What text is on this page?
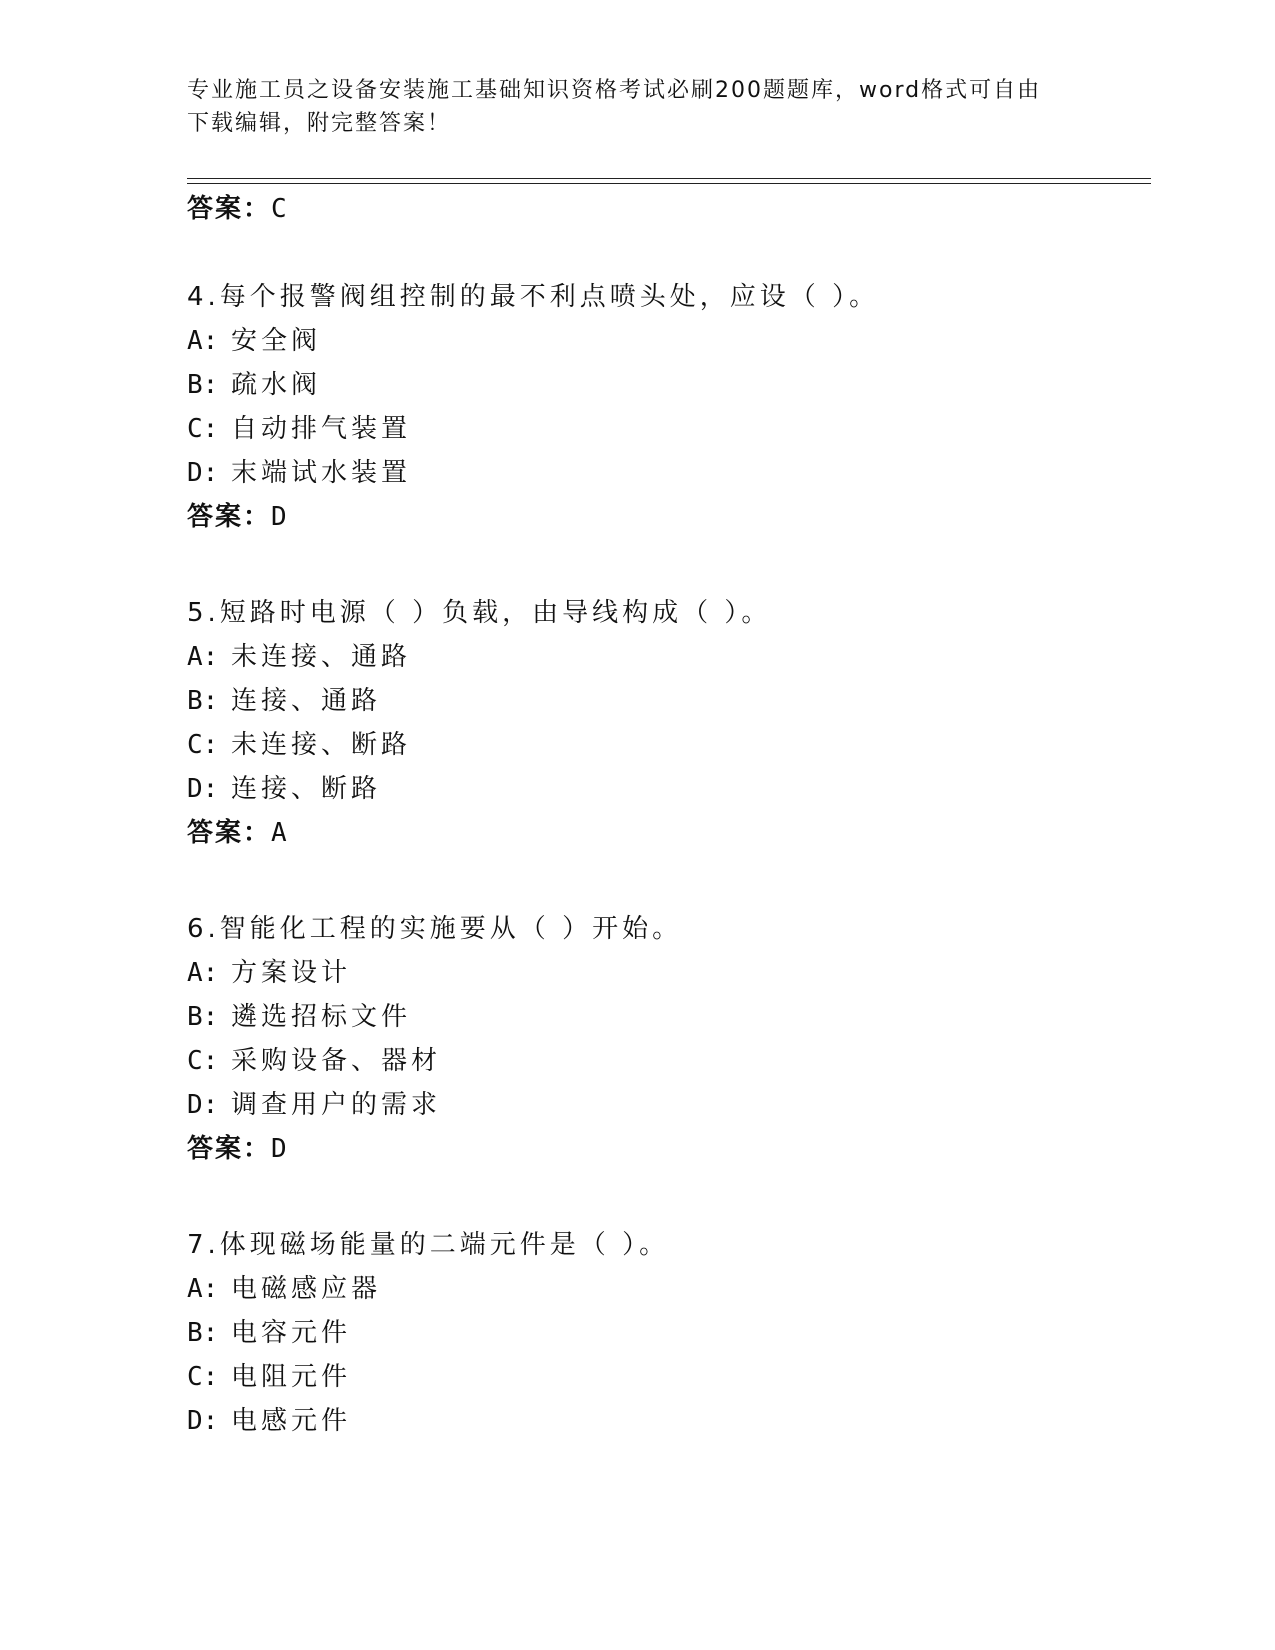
专业施工员之设备安装施工基础知识资格考试必刷200题题库，word格式可自由
下载编辑，附完整答案！
答案：C
4.每个报警阀组控制的最不利点喷头处，应设（ ）。
A: 安全阀
B: 疏水阀
C: 自动排气装置
D: 末端试水装置
答案：D
5.短路时电源（ ）负载，由导线构成（ ）。
A: 未连接、通路
B: 连接、通路
C: 未连接、断路
D: 连接、断路
答案：A
6.智能化工程的实施要从（ ）开始。
A: 方案设计
B: 遴选招标文件
C: 采购设备、器材
D: 调查用户的需求
答案：D
7.体现磁场能量的二端元件是（ ）。
A: 电磁感应器
B: 电容元件
C: 电阻元件
D: 电感元件
